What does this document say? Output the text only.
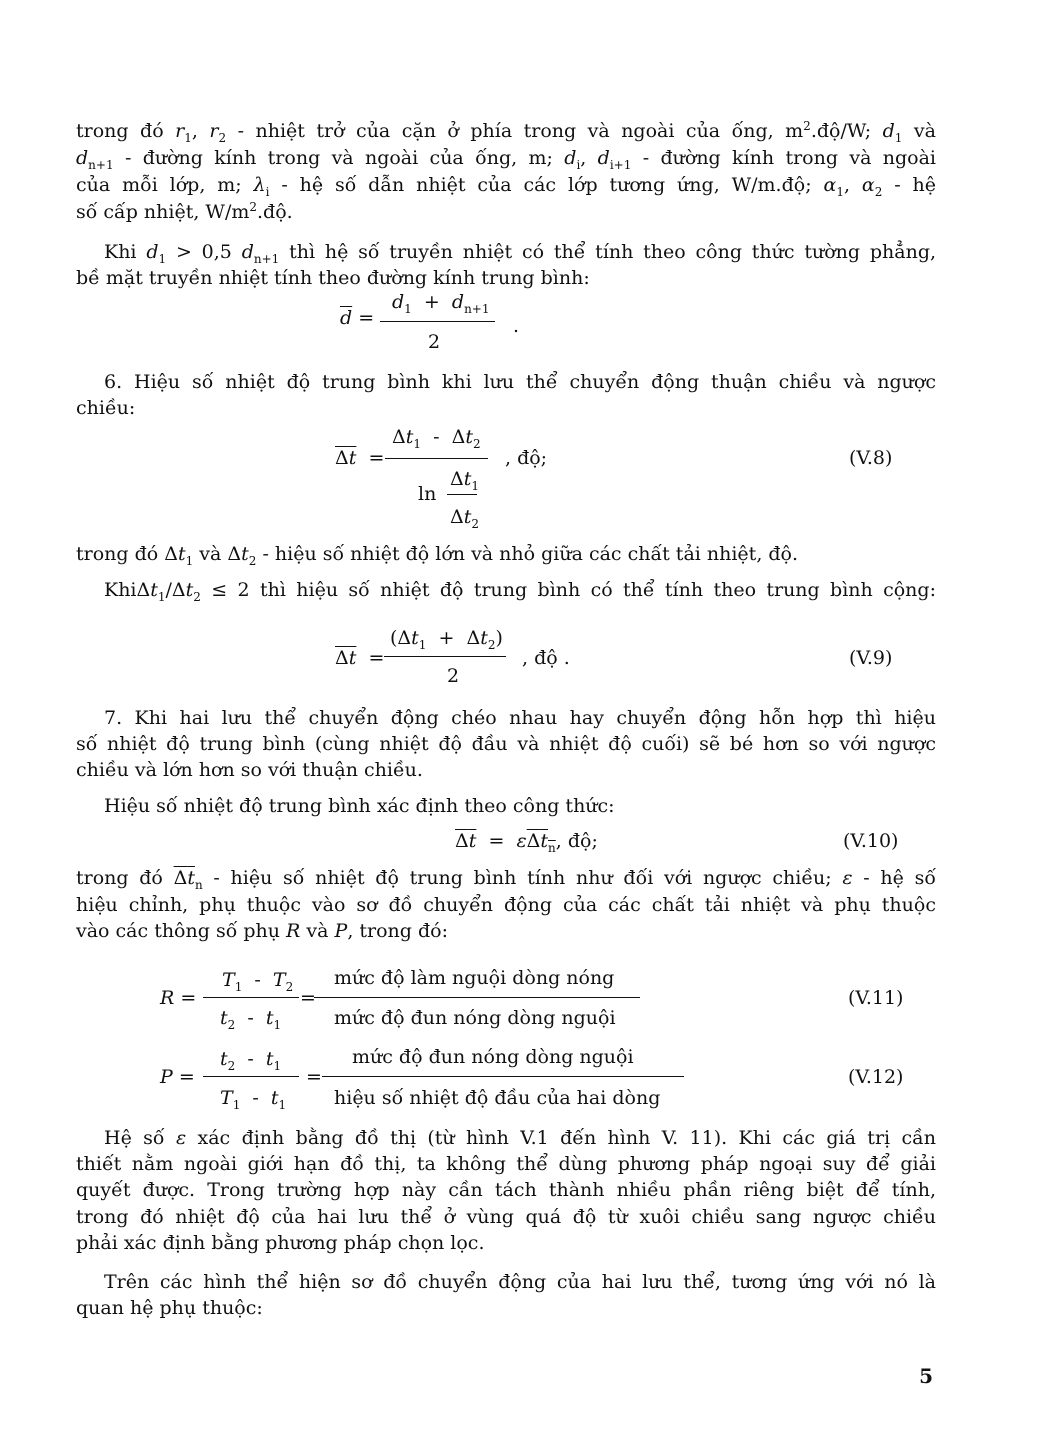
trong đó $r_1$, $r_2$ - nhiệt trở của cặn ở phía trong và ngoài của ống, $m^2.độ/W$; $d_1$ và
$d_{n+1}$ - đường kính trong và ngoài của ống, m; $d_i$, $d_{i+1}$ - đường kính trong và ngoài
của mỗi lớp, m; $\lambda_i$ - hệ số dẫn nhiệt của các lớp tương ứng, W/m.độ; $\alpha_1$, $\alpha_2$ - hệ
số cấp nhiệt, $W/m^2.độ$.
Khi $d_1 > 0,5$ $d_{n+1}$ thì hệ số truyền nhiệt có thể tính theo công thức tường phẳng,
bề mặt truyền nhiệt tính theo đường kính trung bình:
$\overline{d}$ =
$d_1 + d_{n+1}$
2
.
6. Hiệu số nhiệt độ trung bình khi lưu thể chuyển động thuận chiều và ngược
chiều:
Δt  =
$\Delta t_1 - \Delta t_2$
ln
$\Delta t_1$
$\Delta t_2$
, độ;	(V.8)
trong đó $\Delta t_1$ và $\Delta t_2$ - hiệu số nhiệt độ lớn và nhỏ giữa các chất tải nhiệt, độ.
$Khi\Delta t_1/\Delta t_2 \le 2$ thì hiệu số nhiệt độ trung bình có thể tính theo trung bình cộng:
Δt  =
$(\Delta t_1 + \Delta t_2)$
2
, độ .	(V.9)
7. Khi hai lưu thể chuyển động chéo nhau hay chuyển động hỗn hợp thì hiệu
số nhiệt độ trung bình (cùng nhiệt độ đầu và nhiệt độ cuối) sẽ bé hơn so với ngược
chiều và lớn hơn so với thuận chiều.
Hiệu số nhiệt độ trung bình xác định theo công thức:
Δt  =  εΔt$_n$, độ;	(V.10)
trong đó $\Delta t_n$ - hiệu số nhiệt độ trung bình tính như đối với ngược chiều; ε - hệ số
hiệu chỉnh, phụ thuộc vào sơ đồ chuyển động của các chất tải nhiệt và phụ thuộc
vào các thông số phụ R và P, trong đó:
R =
$T_1 - T_2$ =
$t_2 - t_1$
mức độ làm nguội dòng nóng
mức độ đun nóng dòng nguội
(V.11)
P =
$t_2 - t_1$ =
$T_1 - t_1$
mức độ đun nóng dòng nguội
hiệu số nhiệt độ đầu của hai dòng
(V.12)
Hệ số ε xác định bằng đồ thị (từ hình V.1 đến hình V. 11). Khi các giá trị cần
thiết nằm ngoài giới hạn đồ thị, ta không thể dùng phương pháp ngoại suy để giải
quyết được. Trong trường hợp này cần tách thành nhiều phần riêng biệt để tính,
trong đó nhiệt độ của hai lưu thể ở vùng quá độ từ xuôi chiều sang ngược chiều
phải xác định bằng phương pháp chọn lọc.
Trên các hình thể hiện sơ đồ chuyển động của hai lưu thể, tương ứng với nó là
quan hệ phụ thuộc:
5
